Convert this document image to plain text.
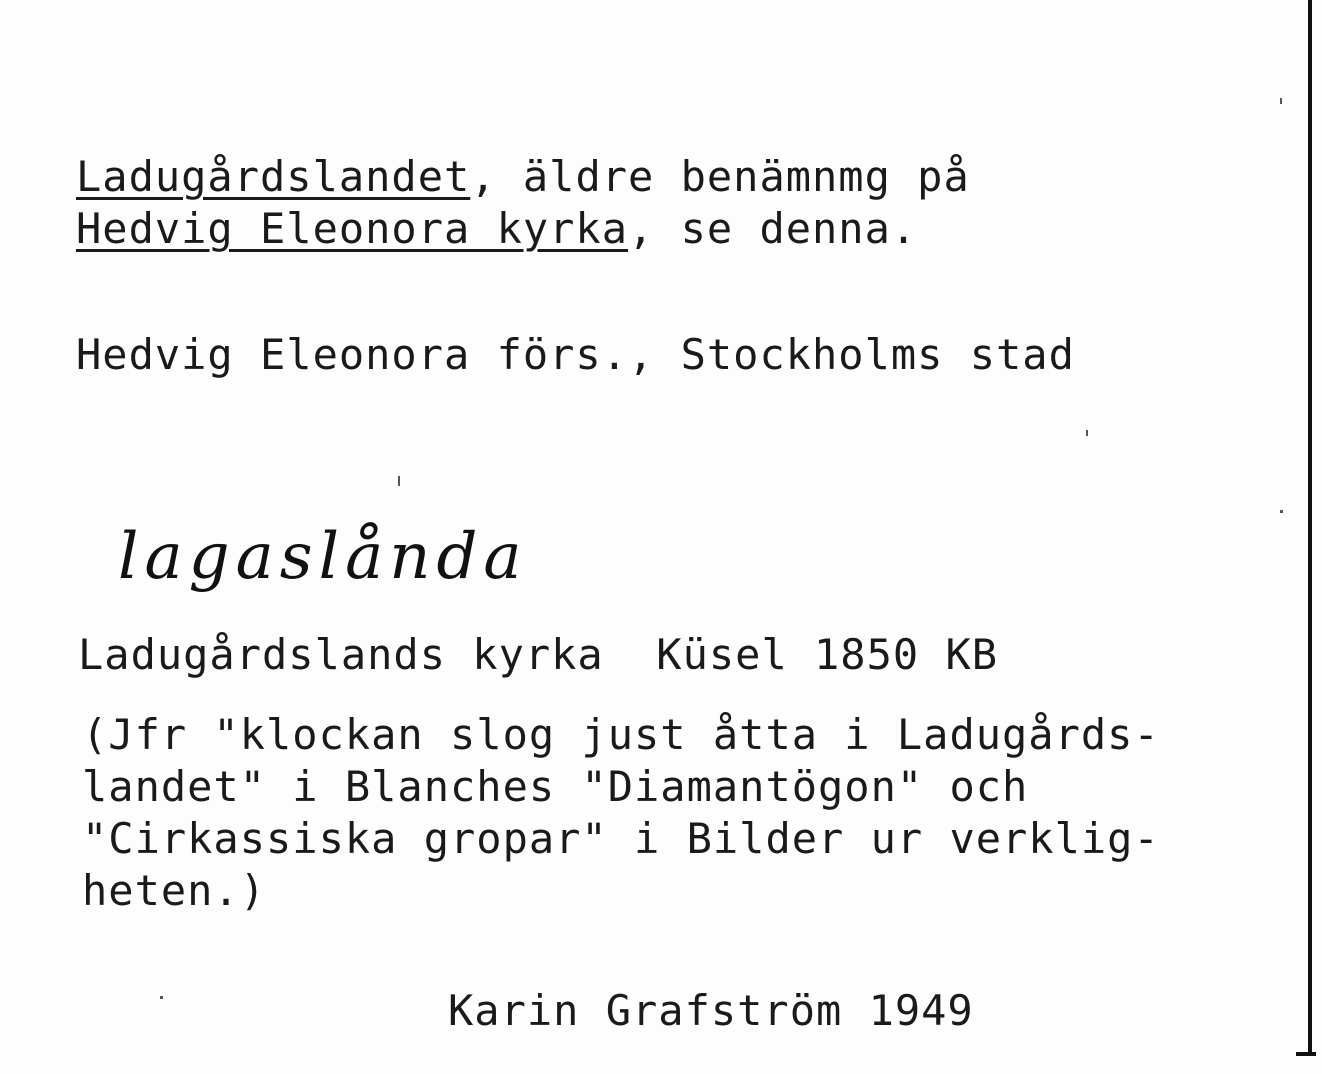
Ladugårdslandet, äldre benämnmg på
Hedvig Eleonora kyrka, se denna.
Hedvig Eleonora förs., Stockholms stad
lagaslånda
Ladugårdslands kyrka  Küsel 1850 KB
(Jfr "klockan slog just åtta i Ladugårds-
landet" i Blanches "Diamantögon" och
"Cirkassiska gropar" i Bilder ur verklig-
heten.)
Karin Grafström 1949
